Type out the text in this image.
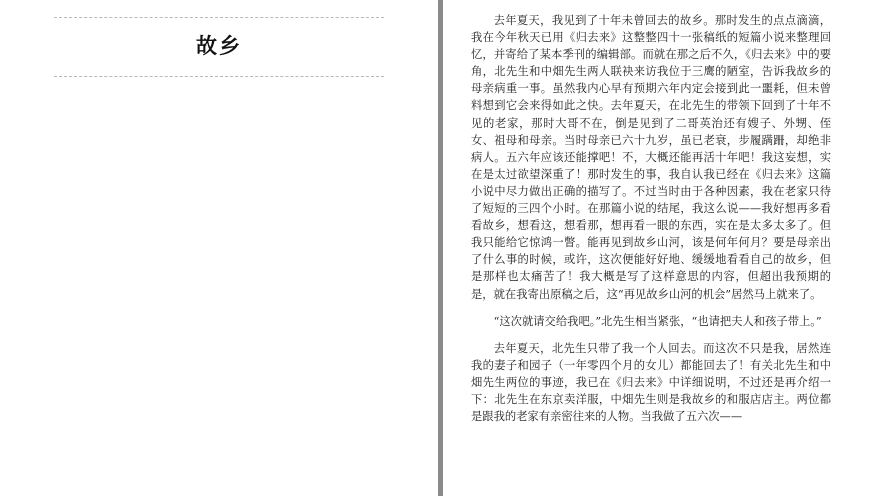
故乡

去年夏天，我见到了十年未曾回去的故乡。那时发生的点点滴滴，我在今年秋天已用《归去来》这整整四十一张稿纸的短篇小说来整理回忆，并寄给了某本季刊的编辑部。而就在那之后不久，《归去来》中的要角，北先生和中畑先生两人联袂来访我位于三鹰的陋室，告诉我故乡的母亲病重一事。虽然我内心早有预期六年内定会接到此一噩耗，但未曾料想到它会来得如此之快。去年夏天，在北先生的带领下回到了十年不见的老家，那时大哥不在，倒是见到了二哥英治还有嫂子、外甥、侄女、祖母和母亲。当时母亲已六十九岁，虽已老衰，步履蹒跚，却绝非病人。五六年应该还能撑吧！不，大概还能再活十年吧！我这妄想，实在是太过欲望深重了！那时发生的事，我自认我已经在《归去来》这篇小说中尽力做出正确的描写了。不过当时由于各种因素，我在老家只待了短短的三四个小时。在那篇小说的结尾，我这么说——我好想再多看看故乡，想看这，想看那，想再看一眼的东西，实在是太多太多了。但我只能给它惊鸿一瞥。能再见到故乡山河，该是何年何月？要是母亲出了什么事的时候，或许，这次便能好好地、缓缓地看看自己的故乡，但是那样也太痛苦了！我大概是写了这样意思的内容，但超出我预期的是，就在我寄出原稿之后，这“再见故乡山河的机会”居然马上就来了。

“这次就请交给我吧。”北先生相当紧张，“也请把夫人和孩子带上。”

去年夏天，北先生只带了我一个人回去。而这次不只是我，居然连我的妻子和园子（一年零四个月的女儿）都能回去了！有关北先生和中畑先生两位的事迹，我已在《归去来》中详细说明，不过还是再介绍一下：北先生在东京卖洋服，中畑先生则是我故乡的和服店店主。两位都是跟我的老家有亲密往来的人物。当我做了五六次——
